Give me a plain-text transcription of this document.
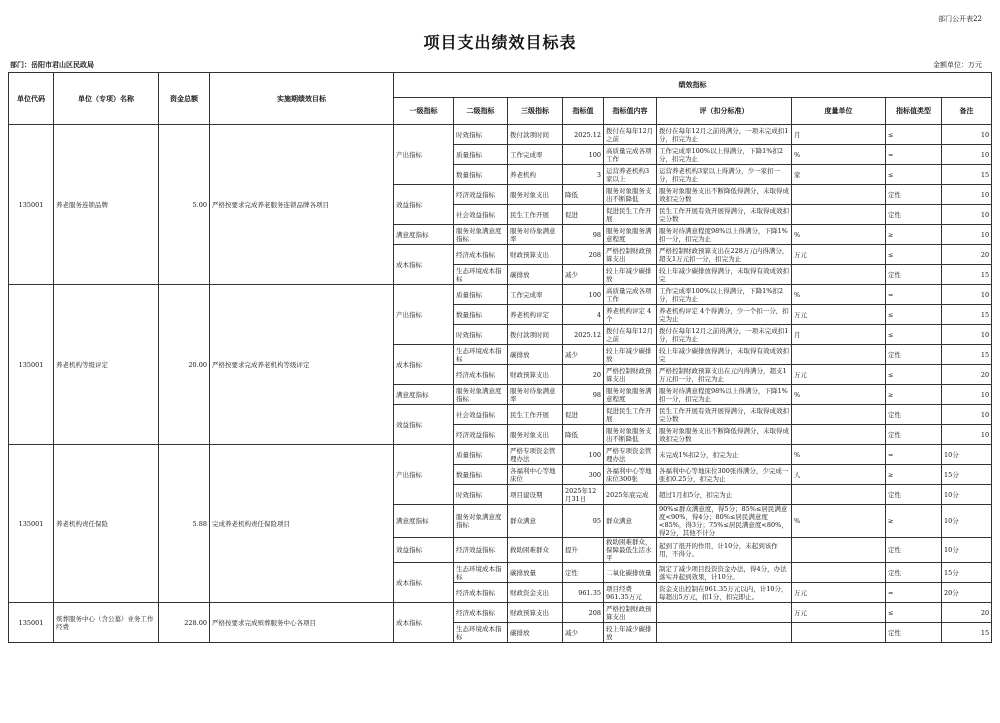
部门公开表22
项目支出绩效目标表
部门：岳阳市君山区民政局	金额单位：万元
单位代码	单位（专项）名称	资金总额	实施期绩效目标	绩效指标								
				一级指标	二级指标	三级指标	指标值	指标值内容	评（扣分标准）	度量单位	指标值类型	备注
135001	养老服务连锁品牌	5.00	严格按要求完成养老服务连锁品牌各项目	产出指标	时效指标	拨付款项时间	2025.12	拨付在每年12月之前	拨付在每年12月之前得满分，一项未完成扣1分，扣完为止	月	≤	10
					质量指标	工作完成率	100	高质量完成各项工作	工作完成率100%以上得满分，下降1%扣2分，扣完为止	%	=	10
					数量指标	养老机构	3	运营养老机构3家以上	运营养老机构3家以上得满分，少一家扣一分，扣完为止	家	≤	15
				效益指标	经济效益指标	服务对象支出	降低	服务对象服务支出不断降低	服务对象服务支出不断降低得满分，未取得成效扣完分数		定性	10
					社会效益指标	民生工作开展	促进	促进民生工作开展	民生工作开展有效开展得满分，未取得成效扣完分数		定性	10
				满意度指标	服务对象满意度指标	服务对待象满意率	98	服务对象服务满意程度	服务对待满意程度98%以上得满分，下降1%扣一分，扣完为止	%	≥	10
				成本指标	经济成本指标	财政预算支出	208	严格控制财政预算支出	严格控制财政预算支出在228万元内得满分，超支1万元扣一分，扣完为止	万元	≤	20
					生态环境成本指标	碳排放	减少	较上年减少碳排放	较上年减少碳排放得满分，未取得有效成效扣完		定性	15
135001	养老机构等级评定	20.00	严格按要求完成养老机构等级评定	产出指标	质量指标	工作完成率	100	高质量完成各项工作	工作完成率100%以上得满分，下降1%扣2分，扣完为止	%	=	10
					数量指标	养老机构评定	4	养老机构评定 4个	养老机构评定 4个得满分，少一个扣一分，扣完为止	万元	≤	15
					时效指标	拨付款项时间	2025.12	拨付在每年12月之前	拨付在每年12月之前得满分，一项未完成扣1分，扣完为止	月	≤	10
				成本指标	生态环境成本指标	碳排放	减少	较上年减少碳排放	较上年减少碳排放得满分，未取得有效成效扣完		定性	15
					经济成本指标	财政预算支出	20	严格控制财政预算支出	严格控制财政预算支出在元内得满分，超支1万元扣一分，扣完为止	万元	≤	20
				满意度指标	服务对象满意度指标	服务对待象满意率	98	服务对象服务满意程度	服务对待满意程度98%以上得满分，下降1%扣一分，扣完为止	%	≥	10
				效益指标	社会效益指标	民生工作开展	促进	促进民生工作开展	民生工作开展有效开展得满分，未取得成效扣完分数		定性	10
					经济效益指标	服务对象支出	降低	服务对象服务支出不断降低	服务对象服务支出不断降低得满分，未取得成效扣完分数		定性	10
135001	养老机构责任保险	5.88	完成养老机构责任保险项目	产出指标	质量指标	严格专项资金管理办法	100	严格专项资金管理办法	未完成1%扣2分，扣完为止	%	=	10分
					数量指标	各福利中心等地床位	300	各福利中心等地床位300张	各福利中心等地床位300张得满分，少完成一张扣0.25分，扣完为止	人	≥	15分
					时效指标	项目建设期	2025年12月31日	2025年底完成	超过1月扣5分，扣完为止		定性	10分
				满意度指标	服务对象满意度指标	群众满意	95	群众满意	90%≤群众满意度，得5分；85%≤居民满意度<90%，得4分；80%≤居民满意度<85%，得3分；75%≤居民满意度<80%，得2分，其他不计分	%	≥	10分
				效益指标	经济效益指标	救助困难群众	提升	救助困难群众，保障最低生活水平	起到了很开的作用，计10分，未起到该作用，不得分。		定性	10分
				成本指标	生态环境成本指标	碳排放量	定性	二氧化碳排放量	制定了减少项目投资资金办法，得4分，办法落实并起到效果，计10分。		定性	15分
					经济成本指标	财政资金支出	961.35	项目经费961.35万元	资金支出控制在961.35万元以内，计10分，每超出5万元，扣1分，扣完即止。	万元	=	20分
135001	殡葬服务中心（含公墓）业务工作经费	228.00	严格按要求完成殡葬服务中心各项目	成本指标	经济成本指标	财政预算支出	208	严格控制财政预算支出		万元	≤	20
					生态环境成本指标	碳排放	减少	较上年减少碳排放			定性	15
